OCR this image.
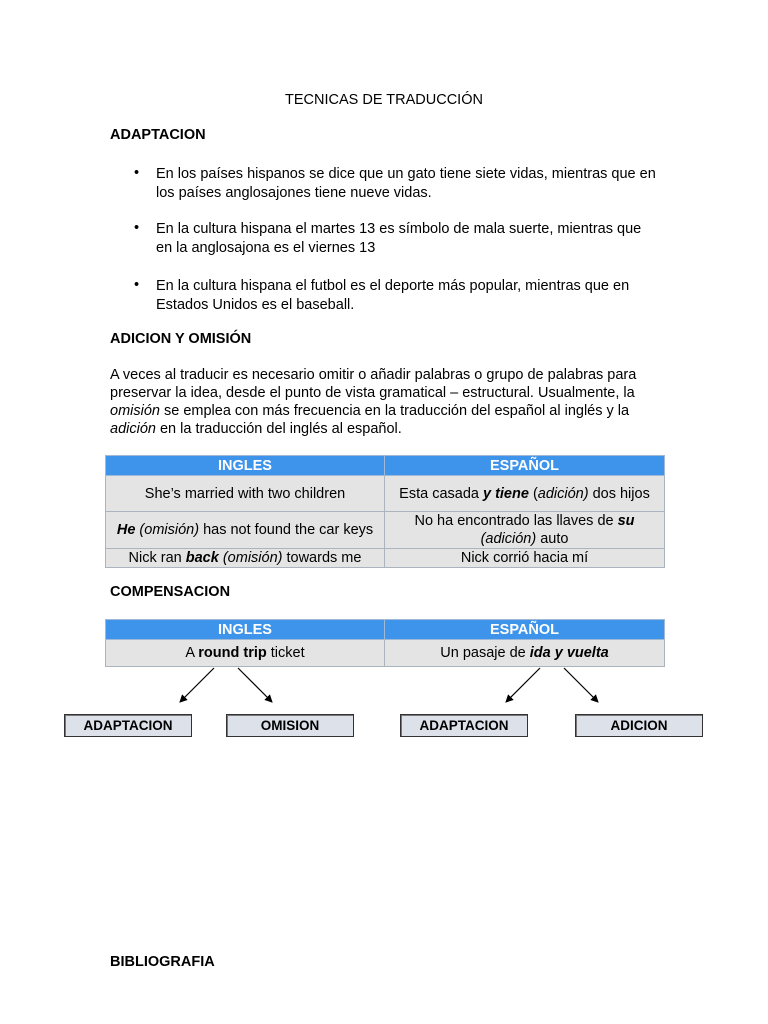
TECNICAS DE TRADUCCIÓN
ADAPTACION
• En los países hispanos se dice que un gato tiene siete vidas, mientras que en los países anglosajones tiene nueve vidas.
• En la cultura hispana el martes 13 es símbolo de mala suerte, mientras que en la anglosajona es el viernes 13
• En la cultura hispana el futbol es el deporte más popular, mientras que en Estados Unidos es el baseball.
ADICION Y OMISIÓN
A veces al traducir es necesario omitir o añadir palabras o grupo de palabras para preservar la idea, desde el punto de vista gramatical – estructural. Usualmente, la omisión se emplea con más frecuencia en la traducción del español al inglés y la adición en la traducción del inglés al español.
INGLES	ESPAÑOL
She’s married with two children	Esta casada y tiene (adición) dos hijos
He (omisión) has not found the car keys	No ha encontrado las llaves de su (adición) auto
Nick ran back (omisión) towards me	Nick corrió hacia mí
COMPENSACION
INGLES	ESPAÑOL
A round trip ticket	Un pasaje de ida y vuelta
ADAPTACION	OMISION	ADAPTACION	ADICION
BIBLIOGRAFIA
